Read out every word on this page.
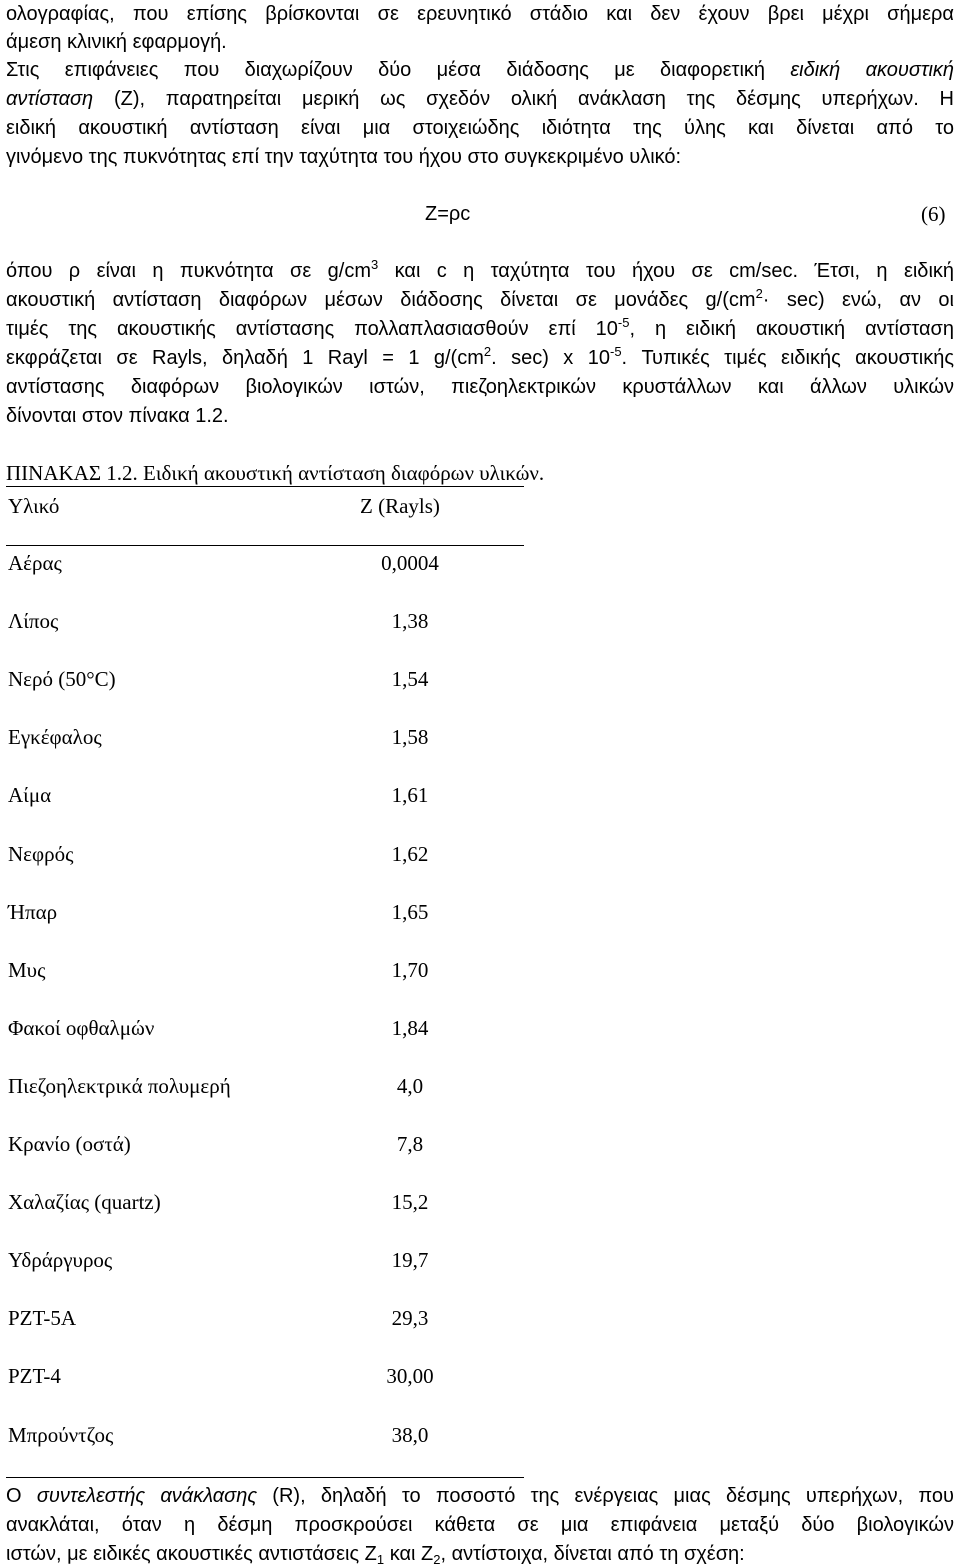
ολογραφίας, που επίσης βρίσκονται σε ερευνητικό στάδιο και δεν έχουν βρει μέχρι σήμερα
άμεση κλινική εφαρμογή.
Στις επιφάνειες που διαχωρίζουν δύο μέσα διάδοσης με διαφορετική ειδική ακουστική
αντίσταση (Z), παρατηρείται μερική ως σχεδόν ολική ανάκλαση της δέσμης υπερήχων. Η
ειδική ακουστική αντίσταση είναι μια στοιχειώδης ιδιότητα της ύλης και δίνεται από το
γινόμενο της πυκνότητας επί την ταχύτητα του ήχου στο συγκεκριμένο υλικό:
Z=ρc	(6)
όπου ρ είναι η πυκνότητα σε $g/cm^3$ και c η ταχύτητα του ήχου σε cm/sec. Έτσι, η ειδική
ακουστική αντίσταση διαφόρων μέσων διάδοσης δίνεται σε μονάδες $g/(cm^2\cdot \sec)$ ενώ, αν οι
τιμές της ακουστικής αντίστασης πολλαπλασιασθούν επί $10^{-5}$, η ειδική ακουστική αντίσταση
εκφράζεται σε Rayls, δηλαδή 1 Rayl = 1 $g/(cm^2$. sec) x $10^{-5}$. Τυπικές τιμές ειδικής ακουστικής
αντίστασης διαφόρων βιολογικών ιστών, πιεζοηλεκτρικών κρυστάλλων και άλλων υλικών
δίνονται στον πίνακα 1.2.
ΠΙΝΑΚΑΣ 1.2. Ειδική ακουστική αντίσταση διαφόρων υλικών.
Υλικό	Z (Rayls)
Αέρας	0,0004
Λίπος	1,38
Νερό (50°C)	1,54
Εγκέφαλος	1,58
Αίμα	1,61
Νεφρός	1,62
Ήπαρ	1,65
Μυς	1,70
Φακοί οφθαλμών	1,84
Πιεζοηλεκτρικά πολυμερή	4,0
Κρανίο (οστά)	7,8
Χαλαζίας (quartz)	15,2
Υδράργυρος	19,7
PZT-5A	29,3
PZT-4	30,00
Μπρούντζος	38,0
Ο συντελεστής ανάκλασης (R), δηλαδή το ποσοστό της ενέργειας μιας δέσμης υπερήχων, που
ανακλάται, όταν η δέσμη προσκρούσει κάθετα σε μια επιφάνεια μεταξύ δύο βιολογικών
ιστών, με ειδικές ακουστικές αντιστάσεις $Z_1$ και $Z_2$, αντίστοιχα, δίνεται από τη σχέση:
